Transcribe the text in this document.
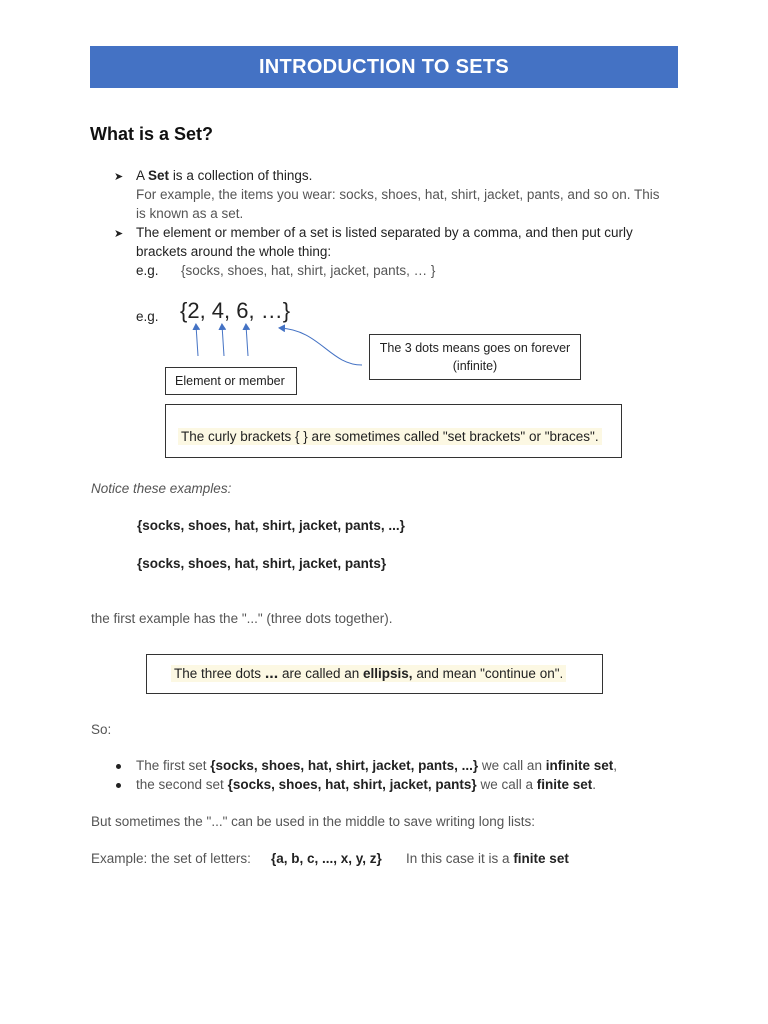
INTRODUCTION TO SETS
What is a Set?
➤ A Set is a collection of things.
For example, the items you wear: socks, shoes, hat, shirt, jacket, pants, and so on. This
is known as a set.
➤ The element or member of a set is listed separated by a comma, and then put curly
brackets around the whole thing:
e.g. {socks, shoes, hat, shirt, jacket, pants, … }
e.g. {2, 4, 6, …}
The 3 dots means goes on forever
(infinite)
Element or member
The curly brackets { } are sometimes called "set brackets" or "braces".
Notice these examples:
{socks, shoes, hat, shirt, jacket, pants, ...}
{socks, shoes, hat, shirt, jacket, pants}
the first example has the "..." (three dots together).
The three dots ... are called an ellipsis, and mean "continue on".
So:
The first set {socks, shoes, hat, shirt, jacket, pants, ...} we call an infinite set,
the second set {socks, shoes, hat, shirt, jacket, pants} we call a finite set.
But sometimes the "..." can be used in the middle to save writing long lists:
Example: the set of letters: {a, b, c, ..., x, y, z} In this case it is a finite set
